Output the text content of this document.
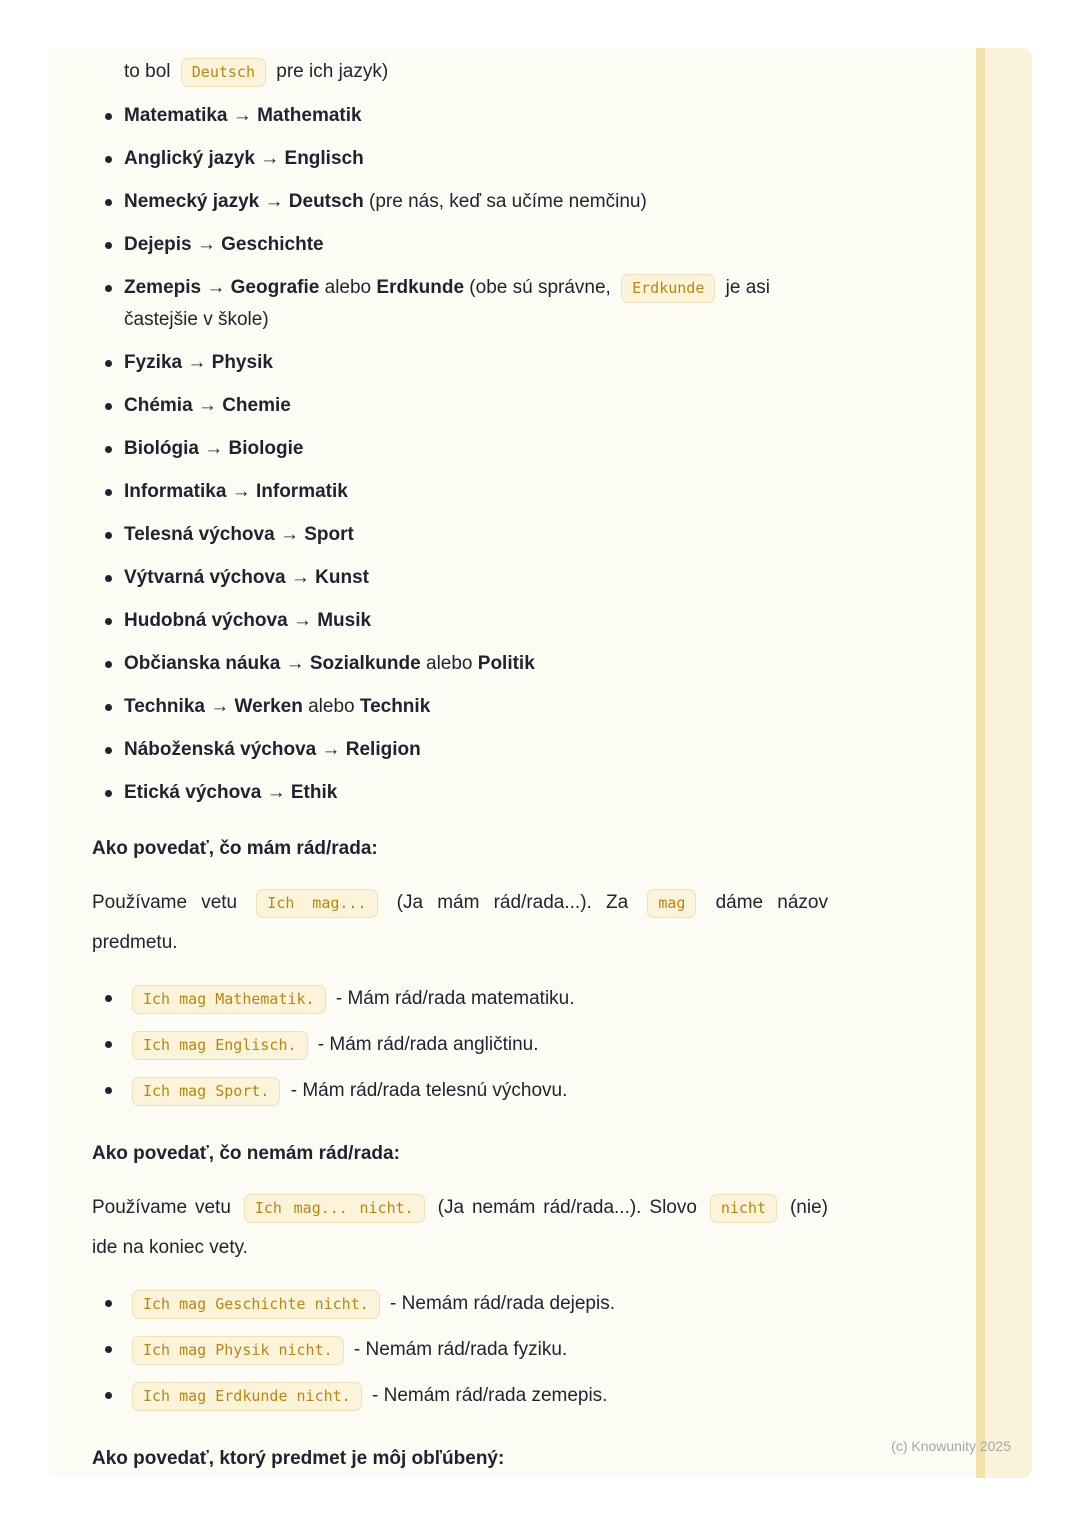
to bol Deutsch pre ich jazyk)

Matematika → Mathematik
Anglický jazyk → Englisch
Nemecký jazyk → Deutsch (pre nás, keď sa učíme nemčinu)
Dejepis → Geschichte
Zemepis → Geografie alebo Erdkunde (obe sú správne, Erdkunde je asi častejšie v škole)
Fyzika → Physik
Chémia → Chemie
Biológia → Biologie
Informatika → Informatik
Telesná výchova → Sport
Výtvarná výchova → Kunst
Hudobná výchova → Musik
Občianska náuka → Sozialkunde alebo Politik
Technika → Werken alebo Technik
Náboženská výchova → Religion
Etická výchova → Ethik

Ako povedať, čo mám rád/rada:

Používame vetu Ich mag... (Ja mám rád/rada...). Za mag dáme názov predmetu.

Ich mag Mathematik. - Mám rád/rada matematiku.
Ich mag Englisch. - Mám rád/rada angličtinu.
Ich mag Sport. - Mám rád/rada telesnú výchovu.

Ako povedať, čo nemám rád/rada:

Používame vetu Ich mag... nicht. (Ja nemám rád/rada...). Slovo nicht (nie) ide na koniec vety.

Ich mag Geschichte nicht. - Nemám rád/rada dejepis.
Ich mag Physik nicht. - Nemám rád/rada fyziku.
Ich mag Erdkunde nicht. - Nemám rád/rada zemepis.

Ako povedať, ktorý predmet je môj obľúbený:

(c) Knowunity 2025
